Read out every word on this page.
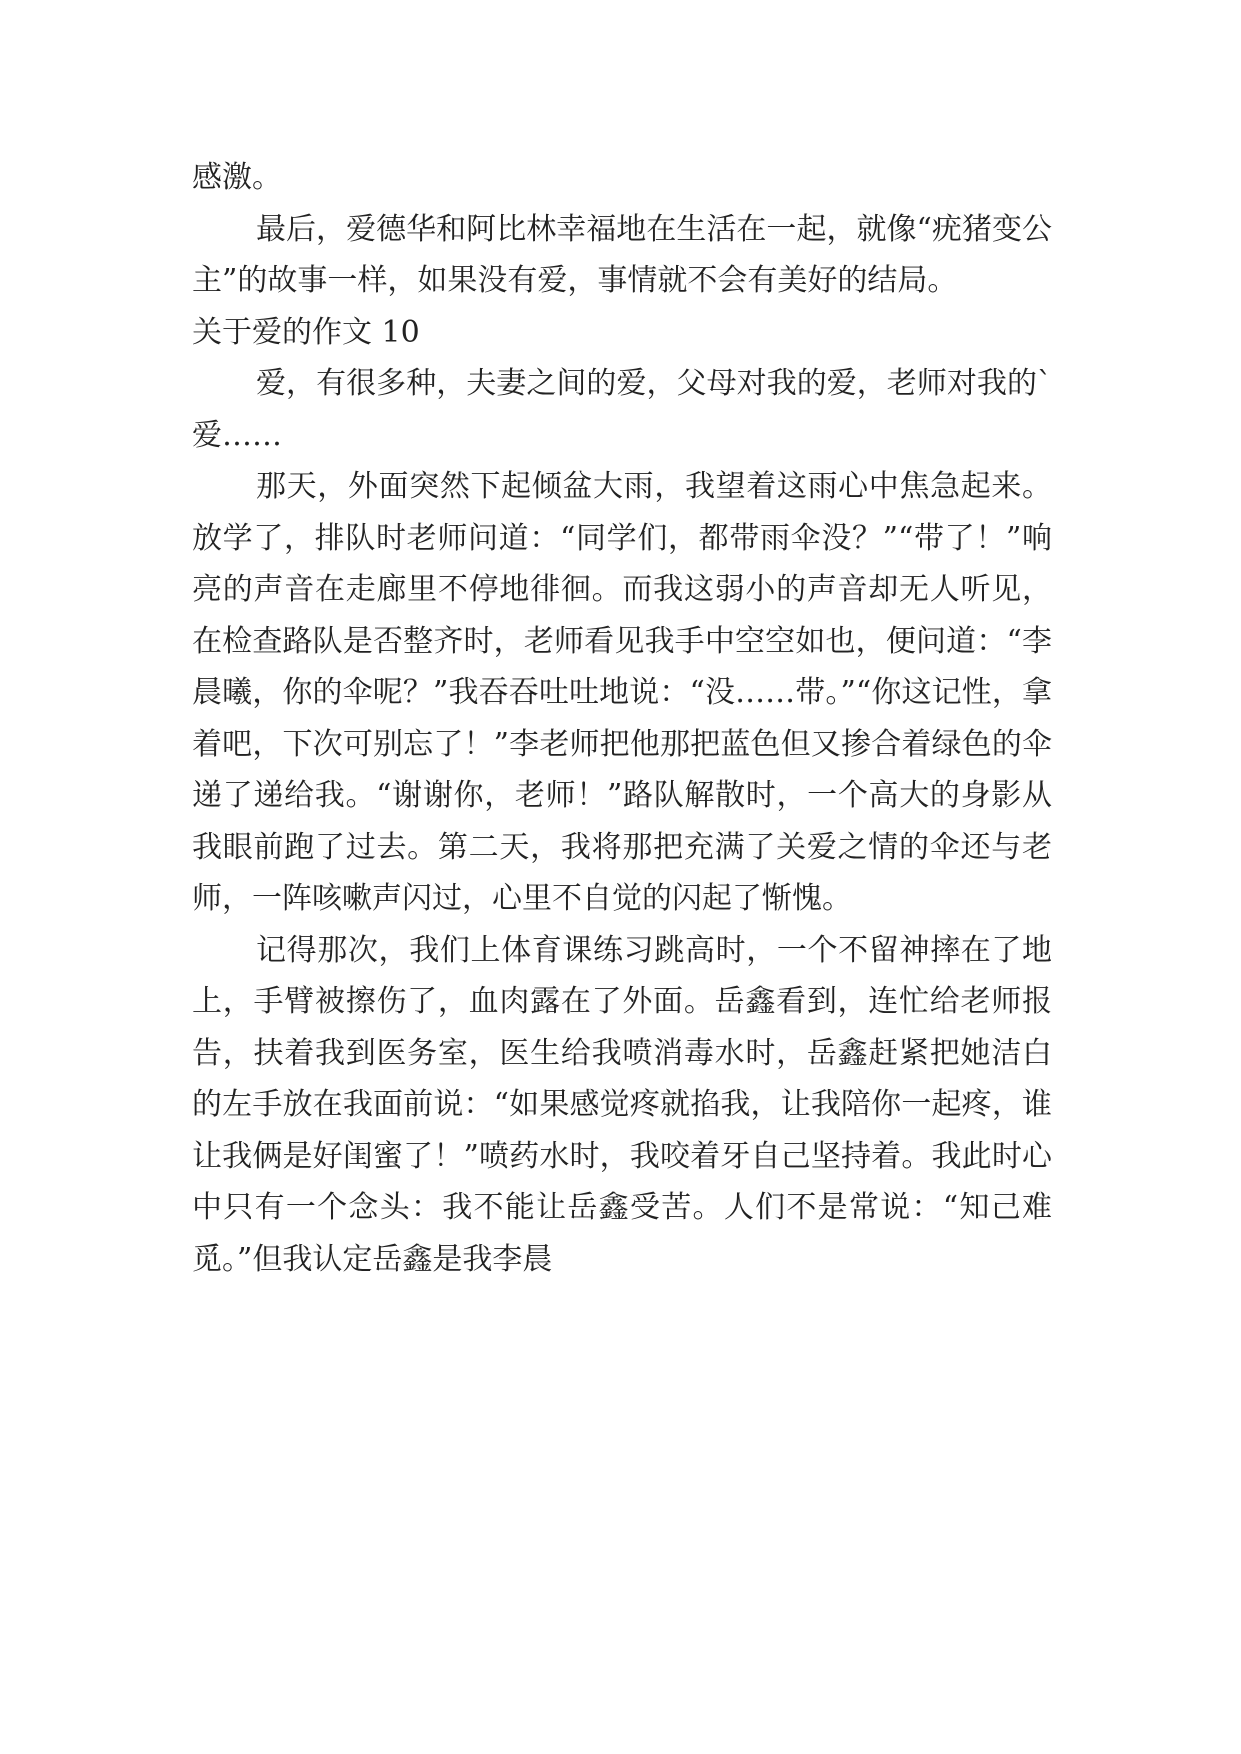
感激。

最后，爱德华和阿比林幸福地在生活在一起，就像“疣猪变公主”的故事一样，如果没有爱，事情就不会有美好的结局。

关于爱的作文 10

爱，有很多种，夫妻之间的爱，父母对我的爱，老师对我的`爱……

那天，外面突然下起倾盆大雨，我望着这雨心中焦急起来。放学了，排队时老师问道：“同学们，都带雨伞没？”“带了！”响亮的声音在走廊里不停地徘徊。而我这弱小的声音却无人听见，在检查路队是否整齐时，老师看见我手中空空如也，便问道：“李晨曦，你的伞呢？”我吞吞吐吐地说：“没……带。”“你这记性，拿着吧，下次可别忘了！”李老师把他那把蓝色但又掺合着绿色的伞递了递给我。“谢谢你，老师！”路队解散时，一个高大的身影从我眼前跑了过去。第二天，我将那把充满了关爱之情的伞还与老师，一阵咳嗽声闪过，心里不自觉的闪起了惭愧。

记得那次，我们上体育课练习跳高时，一个不留神摔在了地上，手臂被擦伤了，血肉露在了外面。岳鑫看到，连忙给老师报告，扶着我到医务室，医生给我喷消毒水时，岳鑫赶紧把她洁白的左手放在我面前说：“如果感觉疼就掐我，让我陪你一起疼，谁让我俩是好闺蜜了！”喷药水时，我咬着牙自己坚持着。我此时心中只有一个念头：我不能让岳鑫受苦。人们不是常说：“知己难觅。”但我认定岳鑫是我李晨
